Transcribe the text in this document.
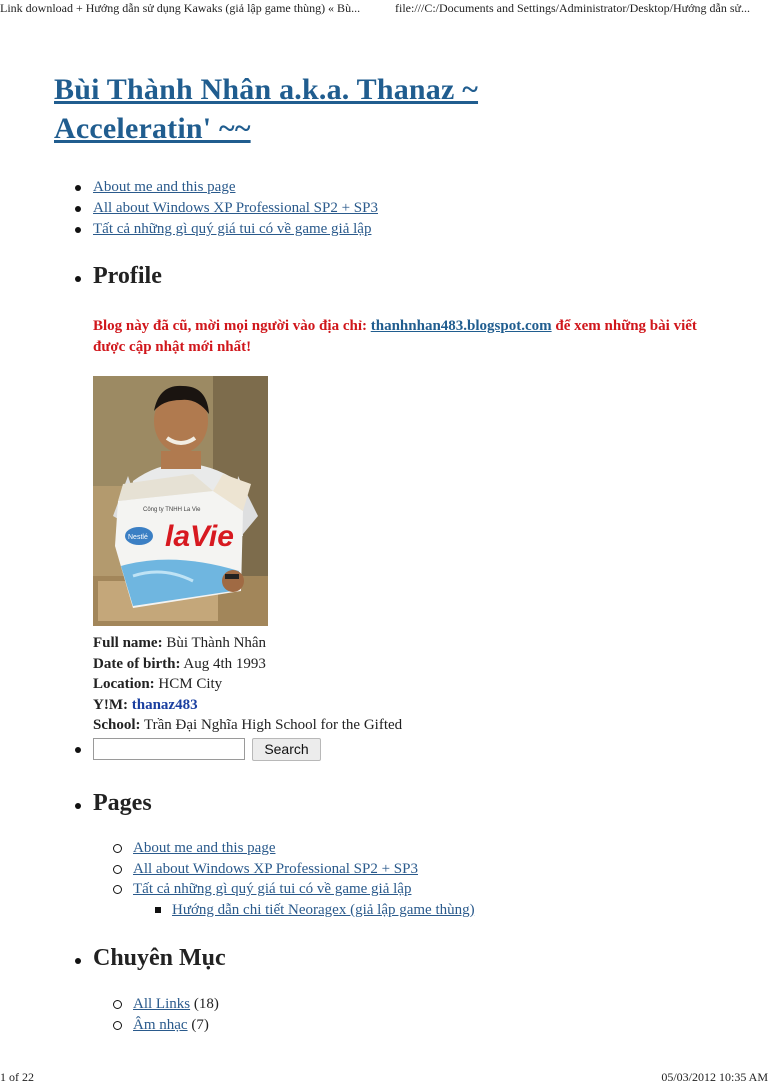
Link download + Hướng dẫn sử dụng Kawaks (giả lập game thùng) « Bù...	file:///C:/Documents and Settings/Administrator/Desktop/Hướng dẫn sử...
Bùi Thành Nhân a.k.a. Thanaz ~ Acceleratin' ~~
About me and this page
All about Windows XP Professional SP2 + SP3
Tất cả những gì quý giá tui có về game giả lập
Profile

Blog này đã cũ, mời mọi người vào địa chỉ: thanhnhan483.blogspot.com để xem những bài viết được cập nhật mới nhất!

laVie
Nestlé
Công ty TNHH La Vie
Full name: Bùi Thành Nhân
Date of birth: Aug 4th 1993
Location: HCM City
Y!M: thanaz483
School: Trần Đại Nghĩa High School for the Gifted
Search
Pages
About me and this page
All about Windows XP Professional SP2 + SP3
Tất cả những gì quý giá tui có về game giả lập
Hướng dẫn chi tiết Neoragex (giả lập game thùng)
Chuyên Mục
All Links (18)
Âm nhạc (7)
1 of 22	05/03/2012 10:35 AM
